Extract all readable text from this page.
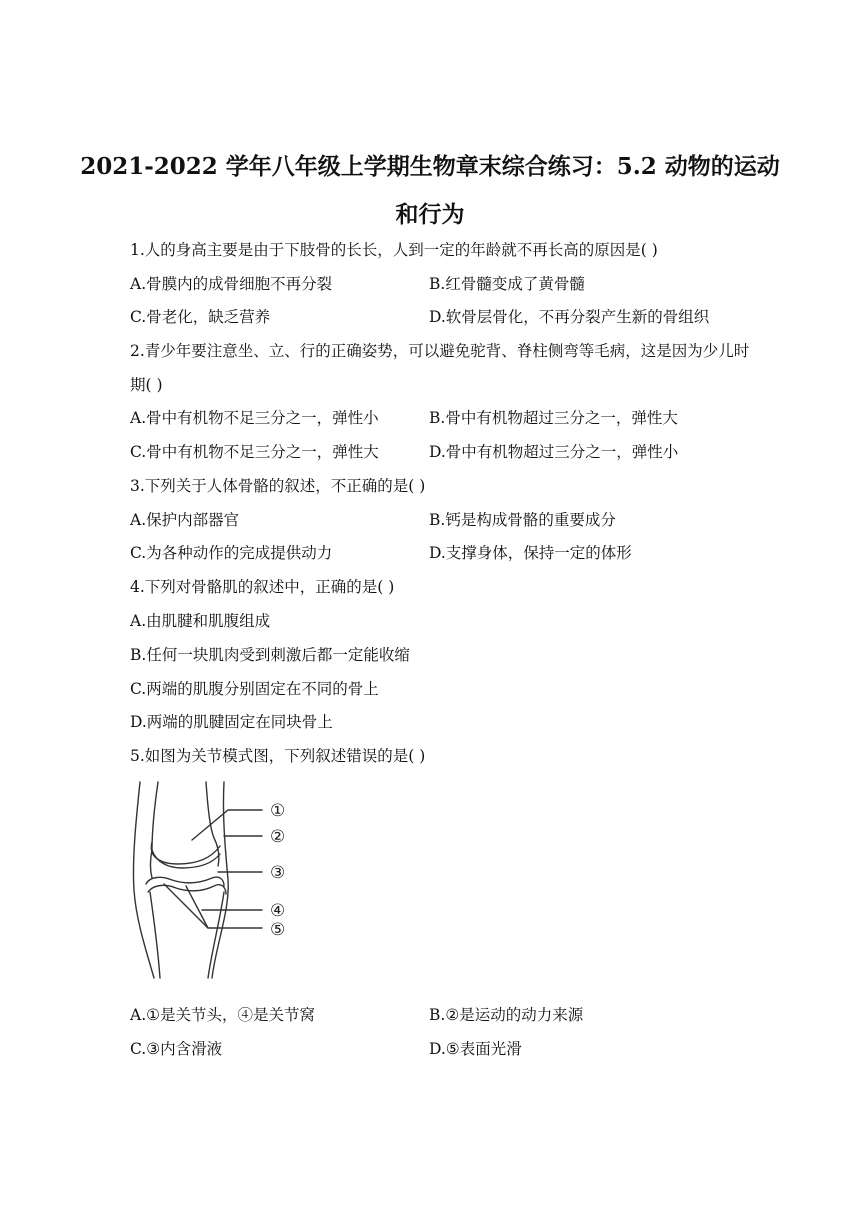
2021-2022 学年八年级上学期生物章末综合练习：5.2 动物的运动
和行为
1.人的身高主要是由于下肢骨的长长，人到一定的年龄就不再长高的原因是( )
A.骨膜内的成骨细胞不再分裂	B.红骨髓变成了黄骨髓
C.骨老化，缺乏营养	D.软骨层骨化，不再分裂产生新的骨组织
2.青少年要注意坐、立、行的正确姿势，可以避免驼背、脊柱侧弯等毛病，这是因为少儿时
期( )
A.骨中有机物不足三分之一，弹性小	B.骨中有机物超过三分之一，弹性大
C.骨中有机物不足三分之一，弹性大	D.骨中有机物超过三分之一，弹性小
3.下列关于人体骨骼的叙述，不正确的是( )
A.保护内部器官	B.钙是构成骨骼的重要成分
C.为各种动作的完成提供动力	D.支撑身体，保持一定的体形
4.下列对骨骼肌的叙述中，正确的是( )
A.由肌腱和肌腹组成
B.任何一块肌肉受到刺激后都一定能收缩
C.两端的肌腹分别固定在不同的骨上
D.两端的肌腱固定在同块骨上
5.如图为关节模式图，下列叙述错误的是( )
①
②
③
④
⑤
A.①是关节头，④是关节窝	B.②是运动的动力来源
C.③内含滑液	D.⑤表面光滑
